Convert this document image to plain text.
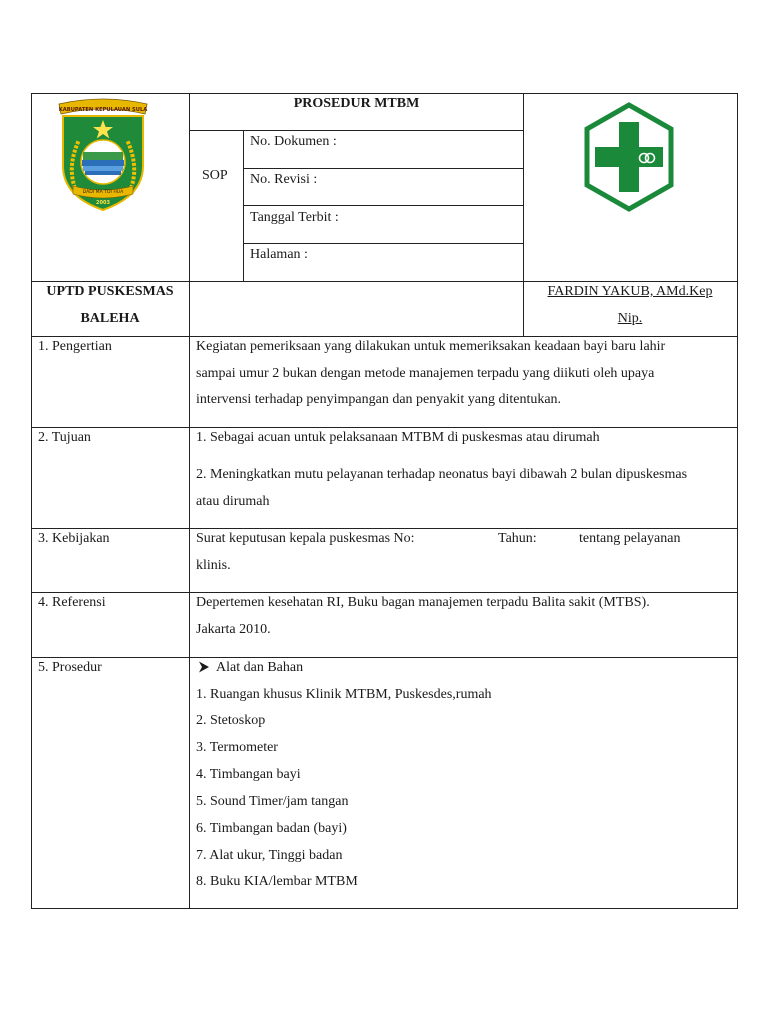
KABUPATEN KEPULAUAN SULA
DADI MA TDI HUA
2003
PROSEDUR MTBM
SOP
No. Dokumen :
No. Revisi :
Tanggal Terbit :
Halaman :
UPTD PUSKESMAS
BALEHA
FARDIN YAKUB, AMd.Kep
Nip.
1. Pengertian	Kegiatan pemeriksaan yang dilakukan untuk memeriksakan keadaan bayi baru lahir
sampai umur 2 bukan dengan metode manajemen terpadu yang diikuti oleh upaya
intervensi terhadap penyimpangan dan penyakit yang ditentukan.
2. Tujuan	1. Sebagai acuan untuk pelaksanaan MTBM di puskesmas atau dirumah
2. Meningkatkan mutu pelayanan terhadap neonatus bayi dibawah 2 bulan dipuskesmas
atau dirumah
3. Kebijakan	Surat keputusan kepala puskesmas No:	Tahun:	tentang pelayanan
klinis.
4. Referensi	Depertemen kesehatan RI, Buku bagan manajemen terpadu Balita sakit (MTBS).
Jakarta 2010.
5. Prosedur	Alat dan Bahan
1. Ruangan khusus Klinik MTBM, Puskesdes,rumah
2. Stetoskop
3. Termometer
4. Timbangan bayi
5. Sound Timer/jam tangan
6. Timbangan badan (bayi)
7. Alat ukur, Tinggi badan
8. Buku KIA/lembar MTBM
